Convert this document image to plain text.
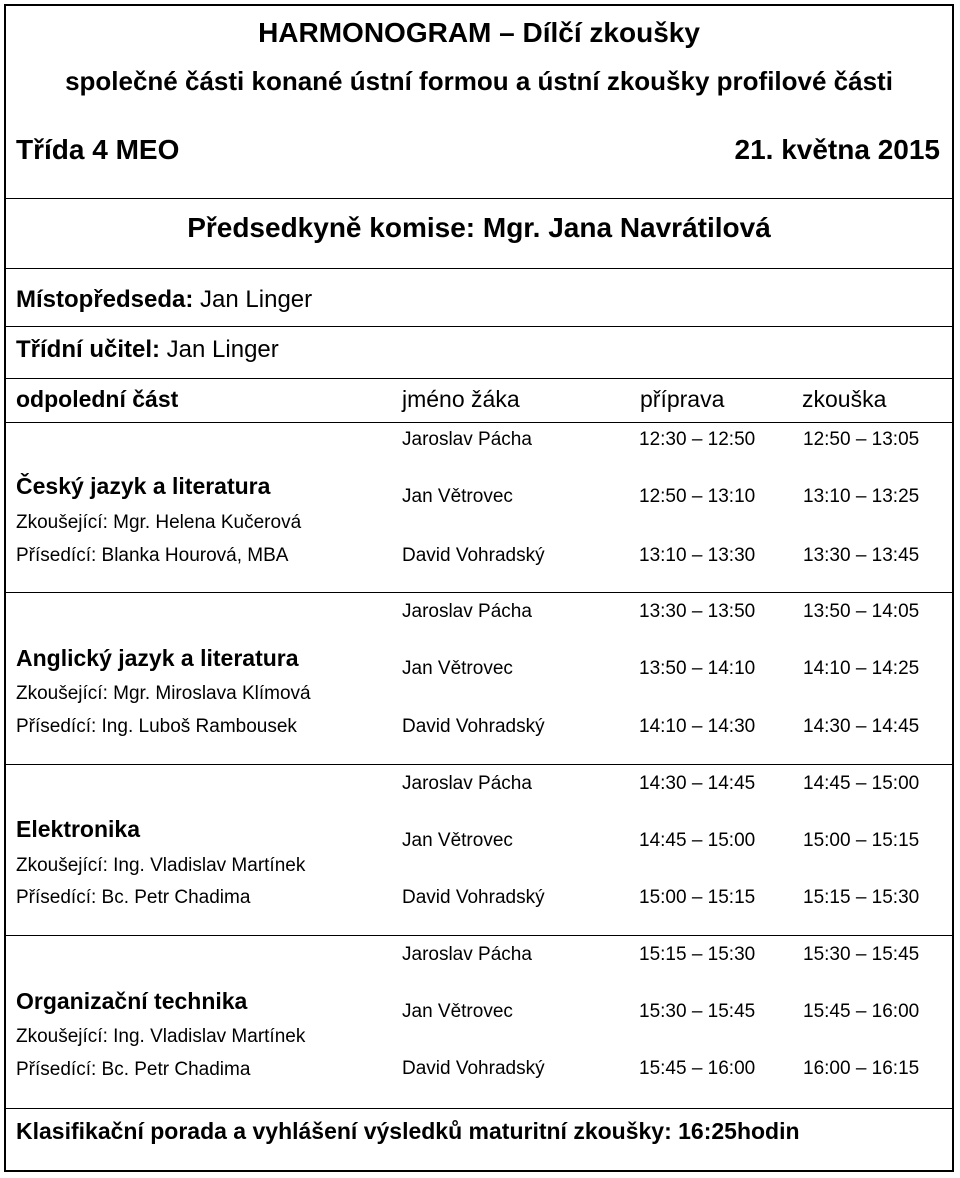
HARMONOGRAM – Dílčí zkoušky
společné části konané ústní formou a ústní zkoušky profilové části
Třída 4 MEO	21. května 2015
Předsedkyně komise: Mgr. Jana Navrátilová
Místopředseda: Jan Linger
Třídní učitel: Jan Linger
odpolední část	jméno žáka	příprava	zkouška
Český jazyk a literatura
Zkoušející: Mgr. Helena Kučerová
Přísedící: Blanka Hourová, MBA
Jaroslav Pácha	12:30 – 12:50	12:50 – 13:05
Jan Větrovec	12:50 – 13:10	13:10 – 13:25
David Vohradský	13:10 – 13:30	13:30 – 13:45
Anglický jazyk a literatura
Zkoušející: Mgr. Miroslava Klímová
Přísedící: Ing. Luboš Rambousek
Jaroslav Pácha	13:30 – 13:50	13:50 – 14:05
Jan Větrovec	13:50 – 14:10	14:10 – 14:25
David Vohradský	14:10 – 14:30	14:30 – 14:45
Elektronika
Zkoušející: Ing. Vladislav Martínek
Přísedící: Bc. Petr Chadima
Jaroslav Pácha	14:30 – 14:45	14:45 – 15:00
Jan Větrovec	14:45 – 15:00	15:00 – 15:15
David Vohradský	15:00 – 15:15	15:15 – 15:30
Organizační technika
Zkoušející: Ing. Vladislav Martínek
Přísedící: Bc. Petr Chadima
Jaroslav Pácha	15:15 – 15:30	15:30 – 15:45
Jan Větrovec	15:30 – 15:45	15:45 – 16:00
David Vohradský	15:45 – 16:00	16:00 – 16:15
Klasifikační porada a vyhlášení výsledků maturitní zkoušky: 16:25hodin
